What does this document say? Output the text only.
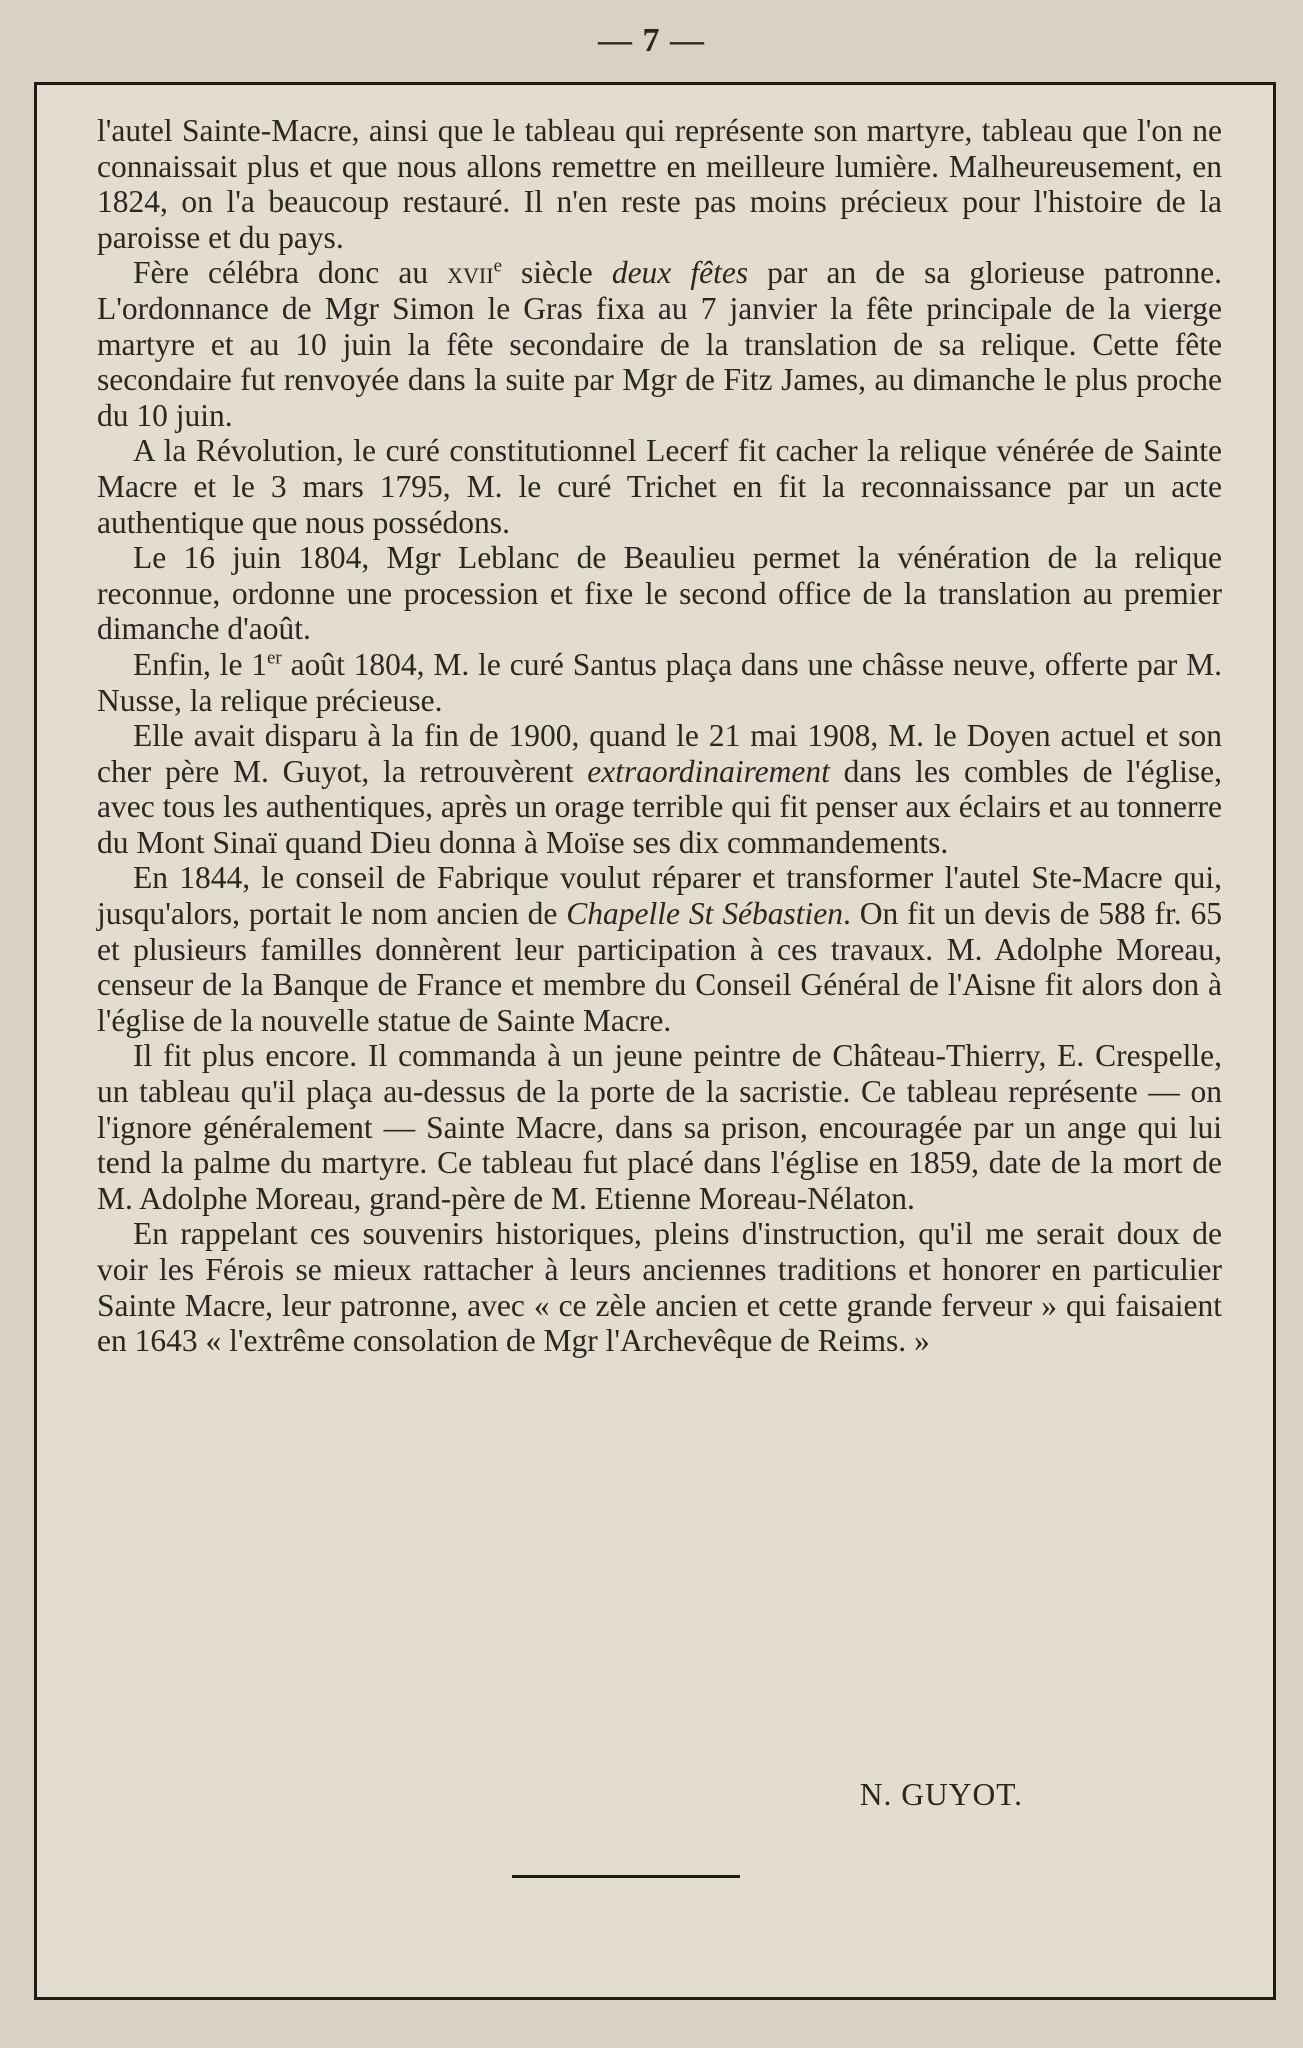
— 7 —

l'autel Sainte-Macre, ainsi que le tableau qui représente son martyre, tableau que l'on ne connaissait plus et que nous allons remettre en meilleure lumière. Malheureusement, en 1824, on l'a beaucoup restauré. Il n'en reste pas moins précieux pour l'histoire de la paroisse et du pays.

Fère célébra donc au xvii$^e$ siècle deux fêtes par an de sa glorieuse patronne. L'ordonnance de Mgr Simon le Gras fixa au 7 janvier la fête principale de la vierge martyre et au 10 juin la fête secondaire de la translation de sa relique. Cette fête secondaire fut renvoyée dans la suite par Mgr de Fitz James, au dimanche le plus proche du 10 juin.

A la Révolution, le curé constitutionnel Lecerf fit cacher la relique vénérée de Sainte Macre et le 3 mars 1795, M. le curé Trichet en fit la reconnaissance par un acte authentique que nous possédons.

Le 16 juin 1804, Mgr Leblanc de Beaulieu permet la vénération de la relique reconnue, ordonne une procession et fixe le second office de la translation au premier dimanche d'août.

Enfin, le 1er août 1804, M. le curé Santus plaça dans une châsse neuve, offerte par M. Nusse, la relique précieuse.

Elle avait disparu à la fin de 1900, quand le 21 mai 1908, M. le Doyen actuel et son cher père M. Guyot, la retrouvèrent extraordinairement dans les combles de l'église, avec tous les authentiques, après un orage terrible qui fit penser aux éclairs et au tonnerre du Mont Sinaï quand Dieu donna à Moïse ses dix commandements.

En 1844, le conseil de Fabrique voulut réparer et transformer l'autel Ste-Macre qui, jusqu'alors, portait le nom ancien de Chapelle St Sébastien. On fit un devis de 588 fr. 65 et plusieurs familles donnèrent leur participation à ces travaux. M. Adolphe Moreau, censeur de la Banque de France et membre du Conseil Général de l'Aisne fit alors don à l'église de la nouvelle statue de Sainte Macre.

Il fit plus encore. Il commanda à un jeune peintre de Château-Thierry, E. Crespelle, un tableau qu'il plaça au-dessus de la porte de la sacristie. Ce tableau représente — on l'ignore généralement — Sainte Macre, dans sa prison, encouragée par un ange qui lui tend la palme du martyre. Ce tableau fut placé dans l'église en 1859, date de la mort de M. Adolphe Moreau, grand-père de M. Etienne Moreau-Nélaton.

En rappelant ces souvenirs historiques, pleins d'instruction, qu'il me serait doux de voir les Férois se mieux rattacher à leurs anciennes traditions et honorer en particulier Sainte Macre, leur patronne, avec « ce zèle ancien et cette grande ferveur » qui faisaient en 1643 « l'extrême consolation de Mgr l'Archevêque de Reims. »

N. GUYOT.
